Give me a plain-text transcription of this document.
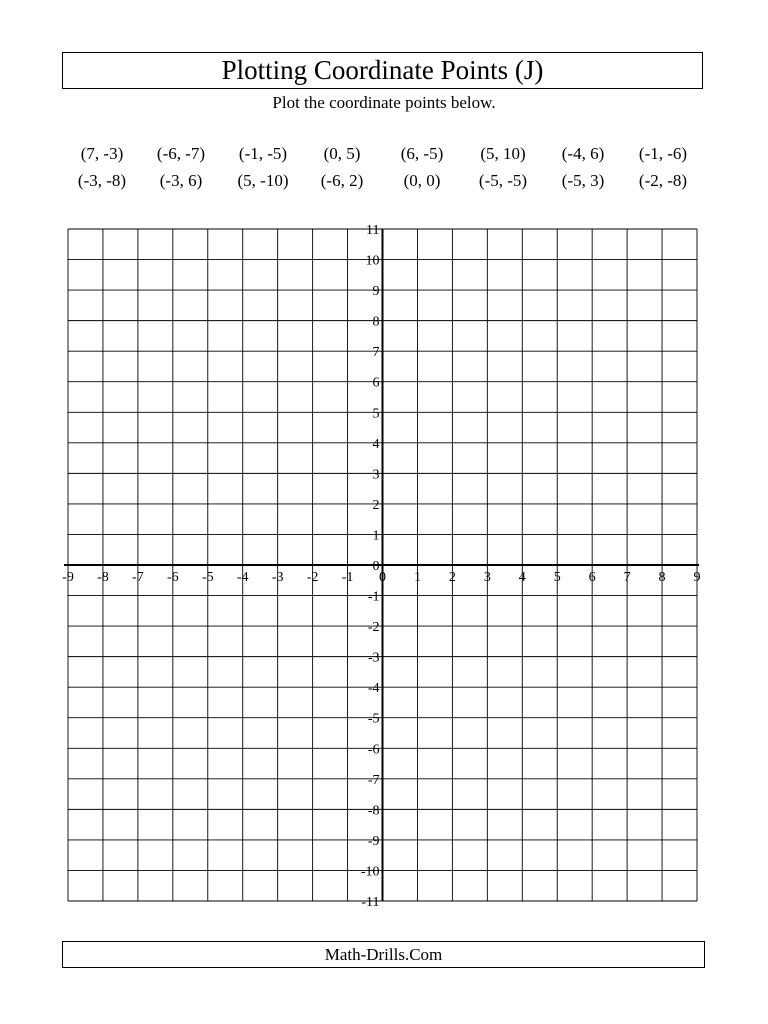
Plotting Coordinate Points (J)
Plot the coordinate points below.
(7, -3)	(-6, -7)	(-1, -5)	(0, 5)	(6, -5)	(5, 10)	(-4, 6)	(-1, -6)
(-3, -8)	(-3, 6)	(5, -10)	(-6, 2)	(0, 0)	(-5, -5)	(-5, 3)	(-2, -8)
-9 -8 -7 -6 -5 -4 -3 -2 -1 0 1 2 3 4 5 6 7 8 9
11
10
9
8
7
6
5
4
3
2
1
0
-1
-2
-3
-4
-5
-6
-7
-8
-9
-10
-11
Math-Drills.Com
